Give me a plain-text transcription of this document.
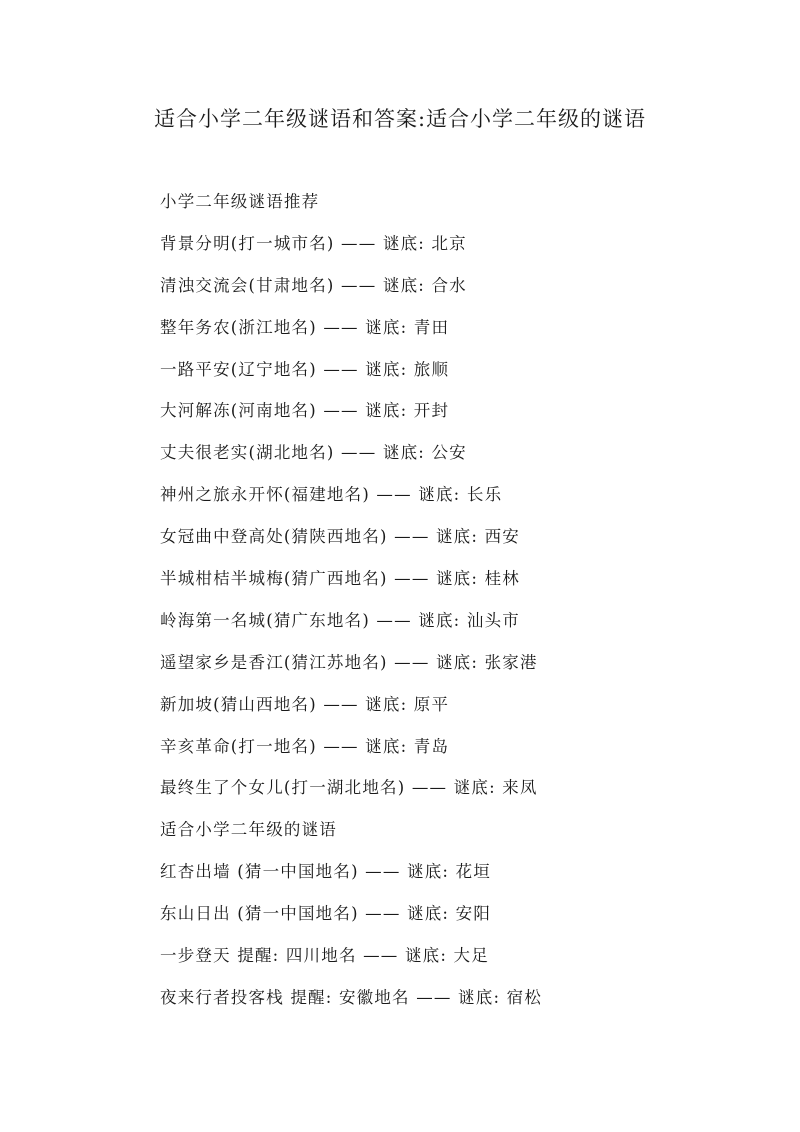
适合小学二年级谜语和答案:适合小学二年级的谜语
小学二年级谜语推荐
背景分明(打一城市名) —— 谜底: 北京
清浊交流会(甘肃地名) —— 谜底: 合水
整年务农(浙江地名) —— 谜底: 青田
一路平安(辽宁地名) —— 谜底: 旅顺
大河解冻(河南地名) —— 谜底: 开封
丈夫很老实(湖北地名) —— 谜底: 公安
神州之旅永开怀(福建地名) —— 谜底: 长乐
女冠曲中登高处(猜陕西地名) —— 谜底: 西安
半城柑桔半城梅(猜广西地名) —— 谜底: 桂林
岭海第一名城(猜广东地名) —— 谜底: 汕头市
遥望家乡是香江(猜江苏地名) —— 谜底: 张家港
新加坡(猜山西地名) —— 谜底: 原平
辛亥革命(打一地名) —— 谜底: 青岛
最终生了个女儿(打一湖北地名) —— 谜底: 来凤
适合小学二年级的谜语
红杏出墙 (猜一中国地名) —— 谜底: 花垣
东山日出 (猜一中国地名) —— 谜底: 安阳
一步登天 提醒: 四川地名 —— 谜底: 大足
夜来行者投客栈 提醒: 安徽地名 —— 谜底: 宿松
